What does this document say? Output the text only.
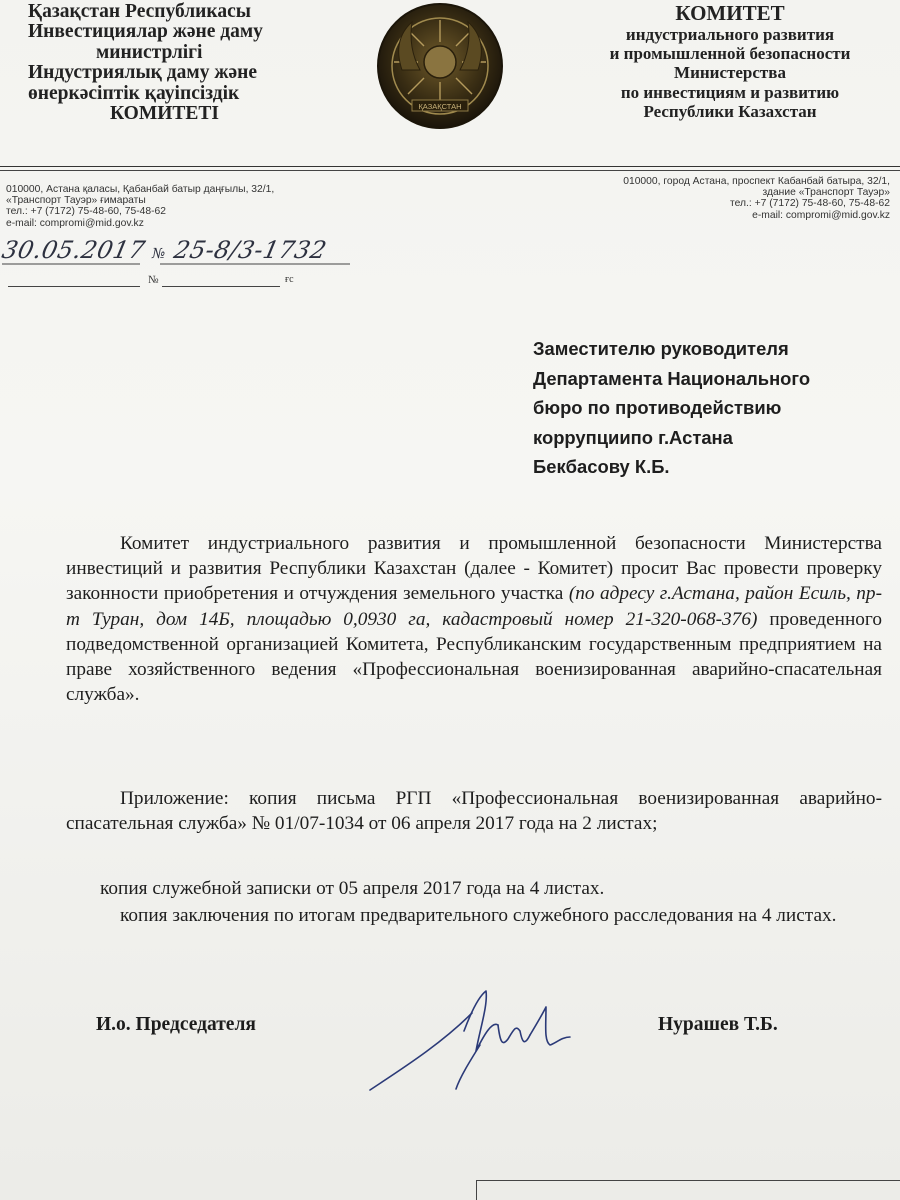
Қазақстан Республикасы
Инвестициялар және даму
министрлігі
Индустриялық даму және
өнеркәсіптік қауіпсіздік
КОМИТЕТІ	ҚАЗАҚСТАН
КОМИТЕТ
индустриального развития
и промышленной безопасности
Министерства
по инвестициям и развитию
Республики Казахстан
010000, Астана қаласы, Қабанбай батыр даңғылы, 32/1,
«Транспорт Тауэр» ғимараты
тел.: +7 (7172) 75-48-60, 75-48-62
e-mail: compromi@mid.gov.kz
010000, город Астана, проспект Кабанбай батыра, 32/1,
здание «Транспорт Тауэр»
тел.: +7 (7172) 75-48-60, 75-48-62
e-mail: compromi@mid.gov.kz
30.05.2017 № 25-8/3-1732
№	ғс
Заместителю руководителя
Департамента Национального
бюро по противодействию
коррупциипо г.Астана
Бекбасову К.Б.
Комитет индустриального развития и промышленной безопасности Министерства инвестиций и развития Республики Казахстан (далее - Комитет) просит Вас провести проверку законности приобретения и отчуждения земельного участка (по адресу г.Астана, район Есиль, пр-т Туран, дом 14Б, площадью 0,0930 га, кадастровый номер 21-320-068-376) проведенного подведомственной организацией Комитета, Республиканским государственным предприятием на праве хозяйственного ведения «Профессиональная военизированная аварийно-спасательная служба».
Приложение: копия письма РГП «Профессиональная военизированная аварийно-спасательная служба» № 01/07-1034 от 06 апреля 2017 года на 2 листах;
копия служебной записки от 05 апреля 2017 года на 4 листах.
копия заключения по итогам предварительного служебного расследования на 4 листах.
И.о. Председателя	Нурашев Т.Б.
